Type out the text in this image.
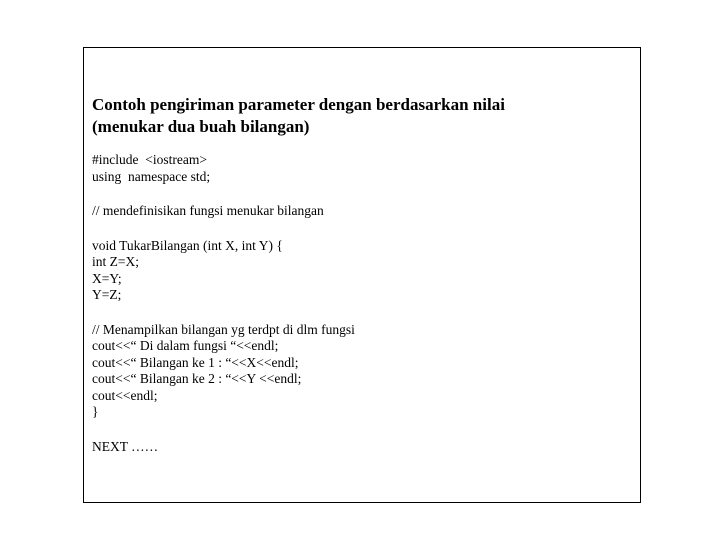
Contoh pengiriman parameter dengan berdasarkan nilai
(menukar dua buah bilangan)
#include  <iostream>
using  namespace std;
// mendefinisikan fungsi menukar bilangan
void TukarBilangan (int X, int Y) {
int Z=X;
X=Y;
Y=Z;
// Menampilkan bilangan yg terdpt di dlm fungsi
cout<<“ Di dalam fungsi “<<endl;
cout<<“ Bilangan ke 1 : “<<X<<endl;
cout<<“ Bilangan ke 2 : “<<Y <<endl;
cout<<endl;
}
NEXT ……
